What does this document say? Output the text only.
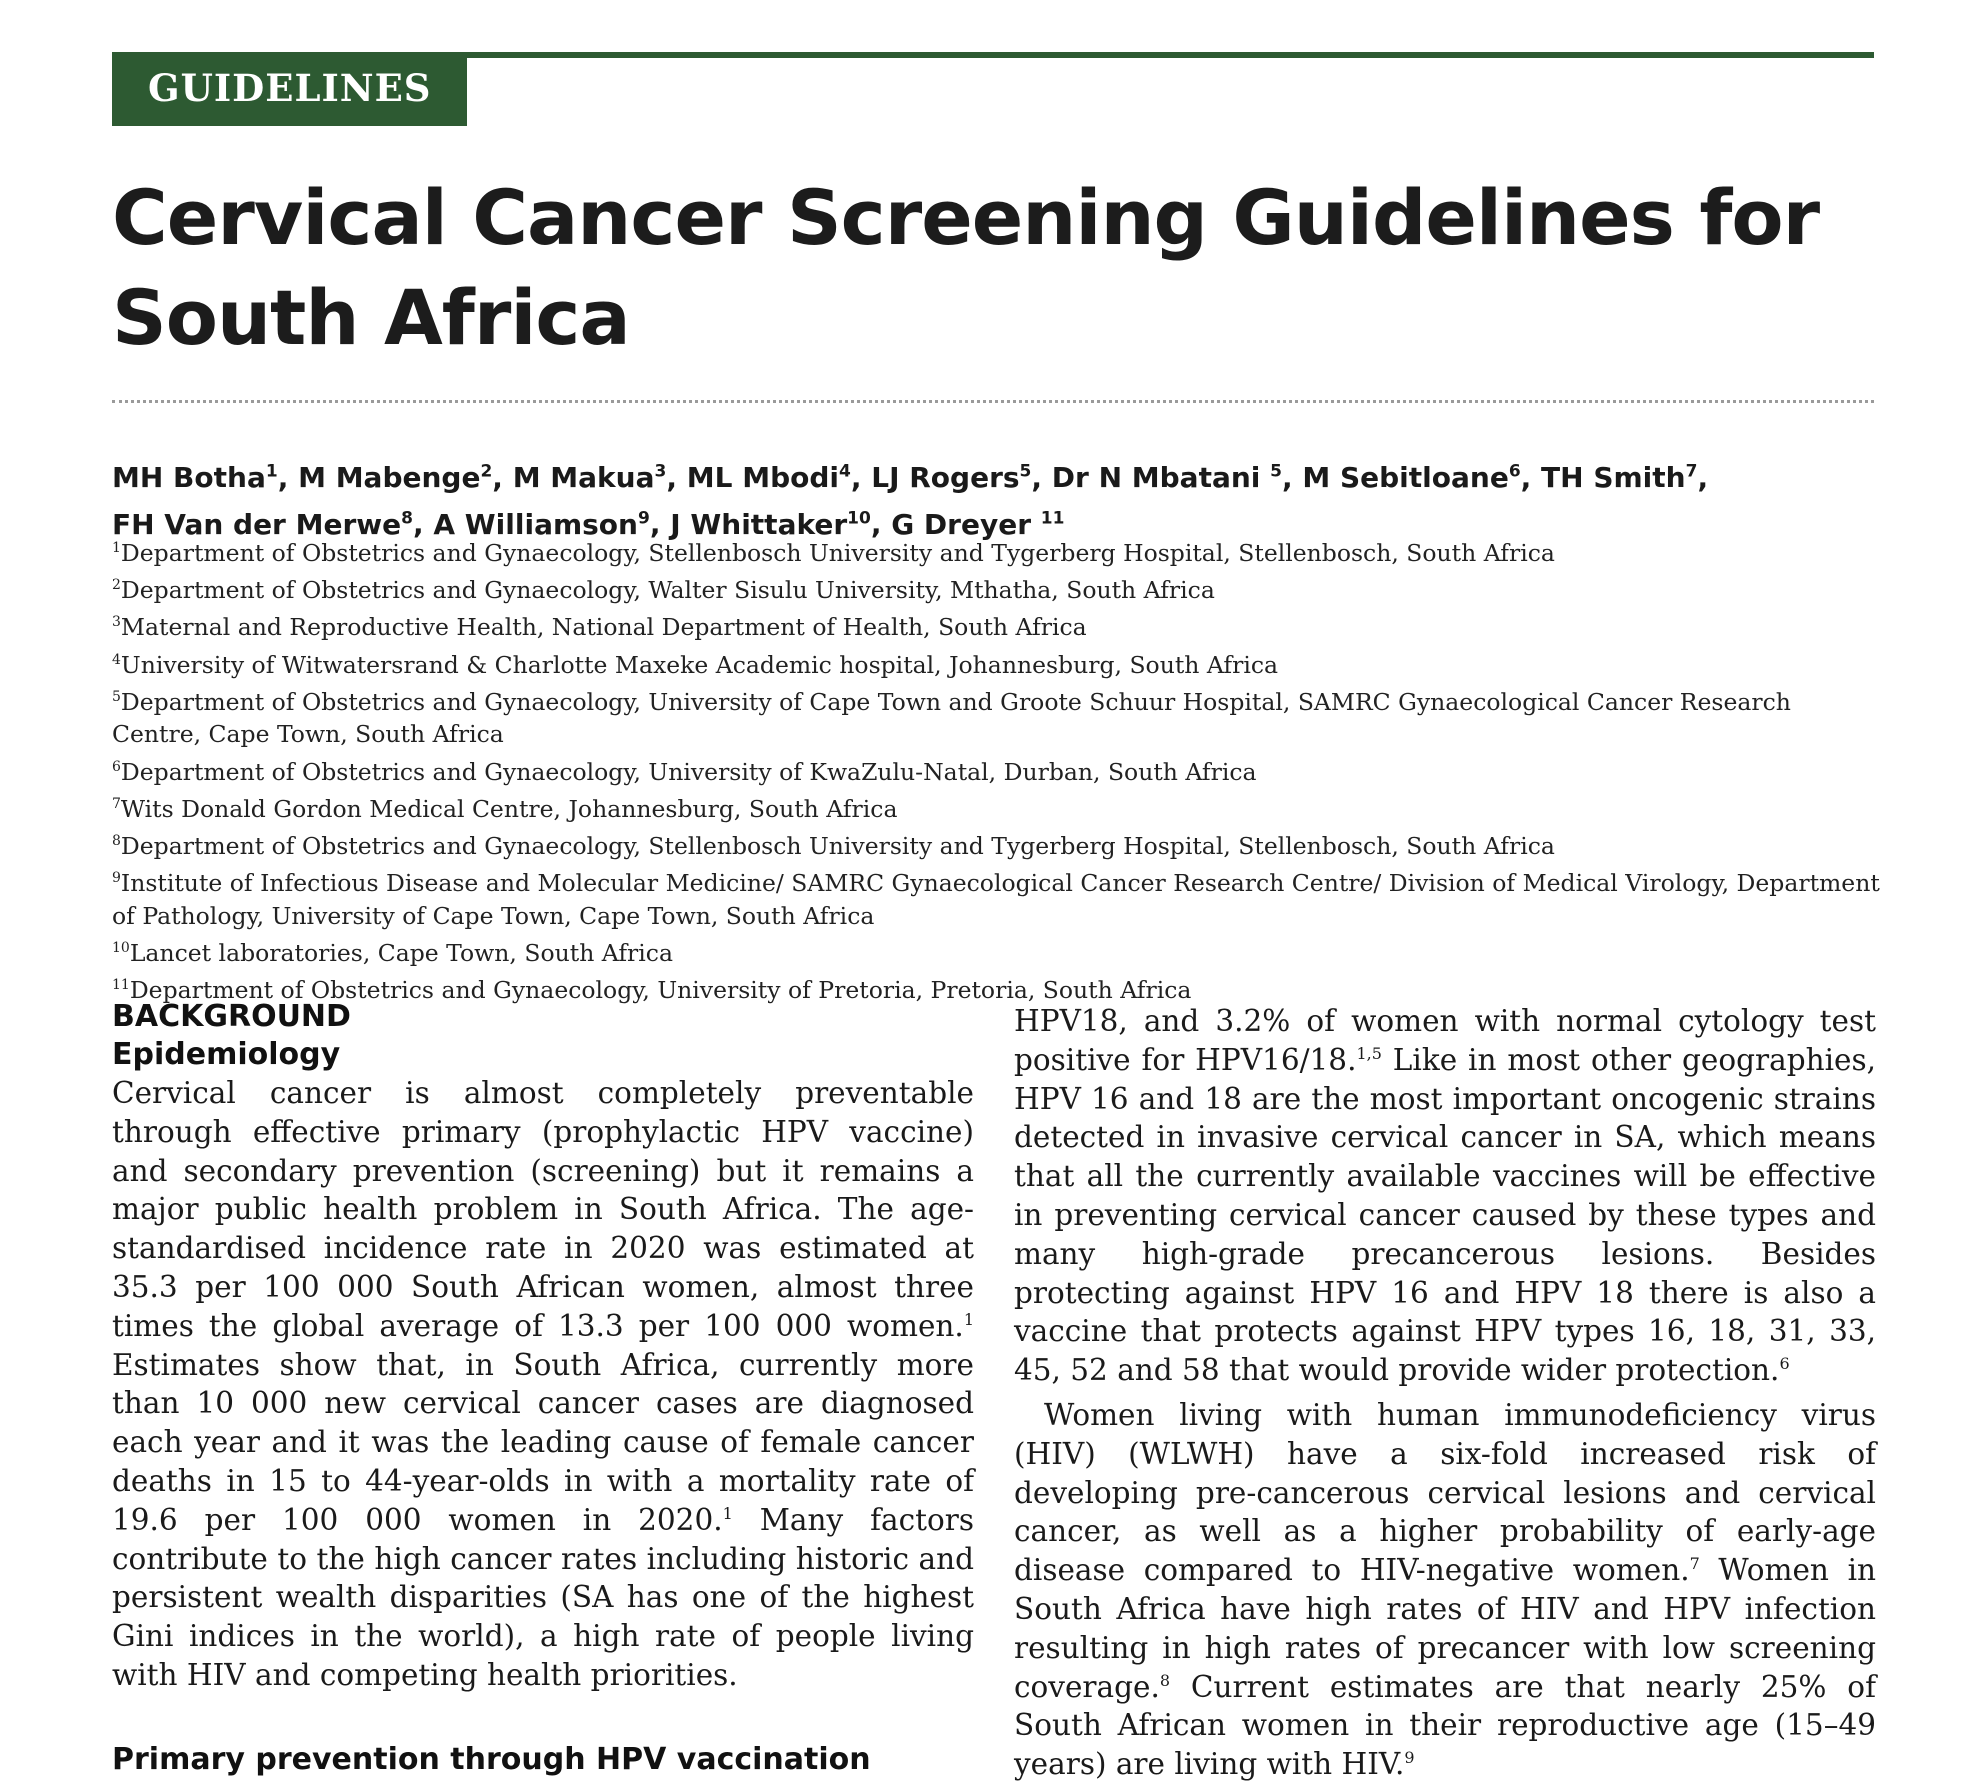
GUIDELINES
Cervical Cancer Screening Guidelines for South Africa

MH Botha$^1$, M Mabenge$^2$, M Makua$^3$, ML Mbodi$^4$, LJ Rogers$^5$, Dr N Mbatani $^5$, M Sebitloane$^6$, TH Smith$^7$,
FH Van der Merwe$^8$, A Williamson$^9$, J Whittaker$^{10}$, G Dreyer $^{11}$

$^1$Department of Obstetrics and Gynaecology, Stellenbosch University and Tygerberg Hospital, Stellenbosch, South Africa
$^2$Department of Obstetrics and Gynaecology, Walter Sisulu University, Mthatha, South Africa
$^3$Maternal and Reproductive Health, National Department of Health, South Africa
$^4$University of Witwatersrand & Charlotte Maxeke Academic hospital, Johannesburg, South Africa
$^5$Department of Obstetrics and Gynaecology, University of Cape Town and Groote Schuur Hospital, SAMRC Gynaecological Cancer Research Centre, Cape Town, South Africa
$^6$Department of Obstetrics and Gynaecology, University of KwaZulu-Natal, Durban, South Africa
$^7$Wits Donald Gordon Medical Centre, Johannesburg, South Africa
$^8$Department of Obstetrics and Gynaecology, Stellenbosch University and Tygerberg Hospital, Stellenbosch, South Africa
$^9$Institute of Infectious Disease and Molecular Medicine/ SAMRC Gynaecological Cancer Research Centre/ Division of Medical Virology, Department of Pathology, University of Cape Town, Cape Town, South Africa
$^{10}$Lancet laboratories, Cape Town, South Africa
$^{11}$Department of Obstetrics and Gynaecology, University of Pretoria, Pretoria, South Africa
BACKGROUND
Epidemiology

Cervical cancer is almost completely preventable through effective primary (prophylactic HPV vaccine) and secondary prevention (screening) but it remains a major public health problem in South Africa. The age-standardised incidence rate in 2020 was estimated at 35.3 per 100 000 South African women, almost three times the global average of 13.3 per 100 000 women.$^1$ Estimates show that, in South Africa, currently more than 10 000 new cervical cancer cases are diagnosed each year and it was the leading cause of female cancer deaths in 15 to 44-year-olds in with a mortality rate of 19.6 per 100 000 women in 2020.$^1$ Many factors contribute to the high cancer rates including historic and persistent wealth disparities (SA has one of the highest Gini indices in the world), a high rate of people living with HIV and competing health priorities.

Primary prevention through HPV vaccination

HPV18, and 3.2% of women with normal cytology test positive for HPV16/18.$^{1,5}$ Like in most other geographies, HPV 16 and 18 are the most important oncogenic strains detected in invasive cervical cancer in SA, which means that all the currently available vaccines will be effective in preventing cervical cancer caused by these types and many high-grade precancerous lesions. Besides protecting against HPV 16 and HPV 18 there is also a vaccine that protects against HPV types 16, 18, 31, 33, 45, 52 and 58 that would provide wider protection.$^6$

Women living with human immunodeficiency virus (HIV) (WLWH) have a six-fold increased risk of developing pre-cancerous cervical lesions and cervical cancer, as well as a higher probability of early-age disease compared to HIV-negative women.$^7$ Women in South Africa have high rates of HIV and HPV infection resulting in high rates of precancer with low screening coverage.$^8$ Current estimates are that nearly 25% of South African women in their reproductive age (15–49 years) are living with HIV.$^9$
